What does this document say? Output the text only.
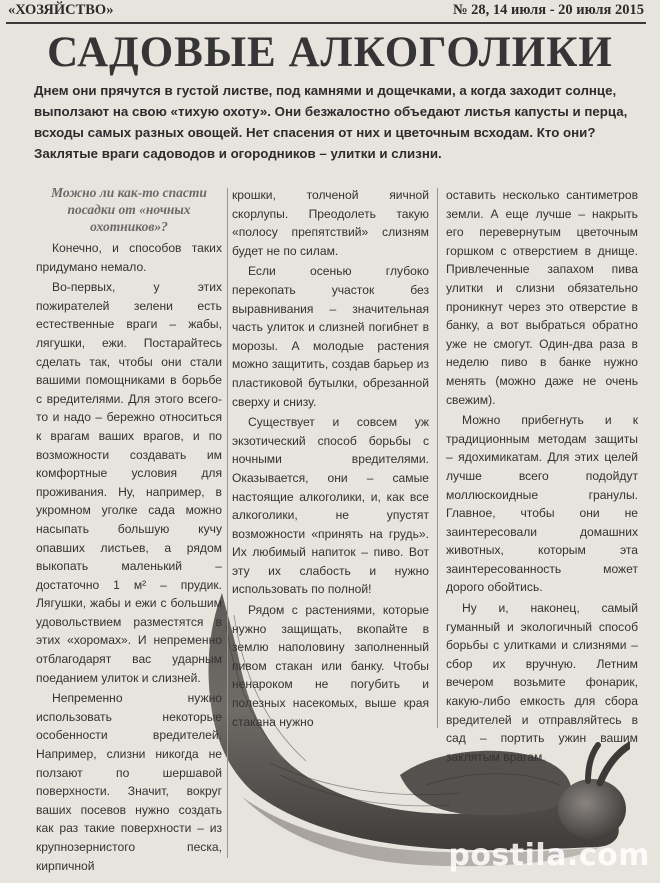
«ХОЗЯЙСТВО»	№ 28, 14 июля - 20 июля 2015
САДОВЫЕ АЛКОГОЛИКИ
Днем они прячутся в густой листве, под камнями и дощечками, а когда заходит солнце, выползают на свою «тихую охоту». Они безжалостно объедают листья капусты и перца, всходы самых разных овощей. Нет спасения от них и цветочным всходам. Кто они? Заклятые враги садоводов и огородников – улитки и слизни.
Можно ли как-то спасти посадки от «ночных охотников»?

Конечно, и способов таких придумано немало.

Во-первых, у этих пожирателей зелени есть естественные враги – жабы, лягушки, ежи. Постарайтесь сделать так, чтобы они стали вашими помощниками в борьбе с вредителями. Для этого всего-то и надо – бережно относиться к врагам ваших врагов, и по возможности создавать им комфортные условия для проживания. Ну, например, в укромном уголке сада можно насыпать большую кучу опавших листьев, а рядом выкопать маленький – достаточно 1 м² – прудик. Лягушки, жабы и ежи с большим удовольствием разместятся в этих «хоромах». И непременно отблагодарят вас ударным поеданием улиток и слизней.

Непременно нужно использовать некоторые особенности вредителей. Например, слизни никогда не ползают по шершавой поверхности. Значит, вокруг ваших посевов нужно создать как раз такие поверхности – из крупнозернистого песка, кирпичной

крошки, толченой яичной скорлупы. Преодолеть такую «полосу препятствий» слизням будет не по силам.

Если осенью глубоко перекопать участок без выравнивания – значительная часть улиток и слизней погибнет в морозы. А молодые растения можно защитить, создав барьер из пластиковой бутылки, обрезанной сверху и снизу.

Существует и совсем уж экзотический способ борьбы с ночными вредителями. Оказывается, они – самые настоящие алкоголики, и, как все алкоголики, не упустят возможности «принять на грудь». Их любимый напиток – пиво. Вот эту их слабость и нужно использовать по полной!

Рядом с растениями, которые нужно защищать, вкопайте в землю наполовину заполненный пивом стакан или банку. Чтобы ненароком не погубить и полезных насекомых, выше края стакана нужно

оставить несколько сантиметров земли. А еще лучше – накрыть его перевернутым цветочным горшком с отверстием в днище. Привлеченные запахом пива улитки и слизни обязательно проникнут через это отверстие в банку, а вот выбраться обратно уже не смогут. Один-два раза в неделю пиво в банке нужно менять (можно даже не очень свежим).

Можно прибегнуть и к традиционным методам защиты – ядохимикатам. Для этих целей лучше всего подойдут моллюскоидные гранулы. Главное, чтобы они не заинтересовали домашних животных, которым эта заинтересованность может дорого обойтись.

Ну и, наконец, самый гуманный и экологичный способ борьбы с улитками и слизнями – сбор их вручную. Летним вечером возьмите фонарик, какую-либо емкость для сбора вредителей и отправляйтесь в сад – портить ужин вашим заклятым врагам.

postila.com
